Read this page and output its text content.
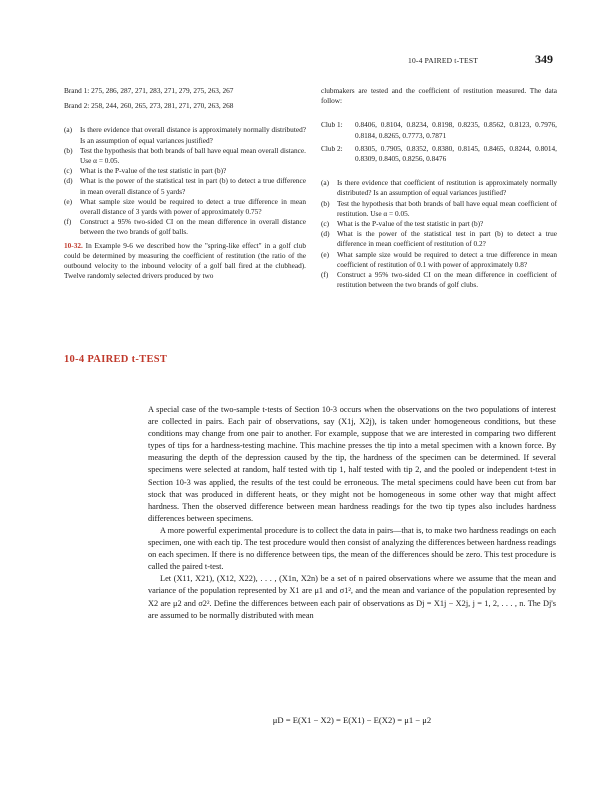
10-4 PAIRED t-TEST	349
Brand 1: 275, 286, 287, 271, 283, 271, 279, 275, 263, 267
Brand 2: 258, 244, 260, 265, 273, 281, 271, 270, 263, 268
(a)	Is there evidence that overall distance is approximately normally distributed? Is an assumption of equal variances justified?
(b)	Test the hypothesis that both brands of ball have equal mean overall distance. Use α = 0.05.
(c)	What is the P-value of the test statistic in part (b)?
(d)	What is the power of the statistical test in part (b) to detect a true difference in mean overall distance of 5 yards?
(e)	What sample size would be required to detect a true difference in mean overall distance of 3 yards with power of approximately 0.75?
(f)	Construct a 95% two-sided CI on the mean difference in overall distance between the two brands of golf balls.
10-32. In Example 9-6 we described how the "spring-like effect" in a golf club could be determined by measuring the coefficient of restitution (the ratio of the outbound velocity to the inbound velocity of a golf ball fired at the clubhead). Twelve randomly selected drivers produced by two
clubmakers are tested and the coefficient of restitution measured. The data follow:
Club 1:	0.8406, 0.8104, 0.8234, 0.8198, 0.8235, 0.8562, 0.8123, 0.7976, 0.8184, 0.8265, 0.7773, 0.7871
Club 2:	0.8305, 0.7905, 0.8352, 0.8380, 0.8145, 0.8465, 0.8244, 0.8014, 0.8309, 0.8405, 0.8256, 0.8476
(a)	Is there evidence that coefficient of restitution is approximately normally distributed? Is an assumption of equal variances justified?
(b)	Test the hypothesis that both brands of ball have equal mean coefficient of restitution. Use α = 0.05.
(c)	What is the P-value of the test statistic in part (b)?
(d)	What is the power of the statistical test in part (b) to detect a true difference in mean coefficient of restitution of 0.2?
(e)	What sample size would be required to detect a true difference in mean coefficient of restitution of 0.1 with power of approximately 0.8?
(f)	Construct a 95% two-sided CI on the mean difference in coefficient of restitution between the two brands of golf clubs.
10-4 PAIRED t-TEST

A special case of the two-sample t-tests of Section 10-3 occurs when the observations on the two populations of interest are collected in pairs. Each pair of observations, say (X1j, X2j), is taken under homogeneous conditions, but these conditions may change from one pair to another. For example, suppose that we are interested in comparing two different types of tips for a hardness-testing machine. This machine presses the tip into a metal specimen with a known force. By measuring the depth of the depression caused by the tip, the hardness of the specimen can be determined. If several specimens were selected at random, half tested with tip 1, half tested with tip 2, and the pooled or independent t-test in Section 10-3 was applied, the results of the test could be erroneous. The metal specimens could have been cut from bar stock that was produced in different heats, or they might not be homogeneous in some other way that might affect hardness. Then the observed difference between mean hardness readings for the two tip types also includes hardness differences between specimens.

A more powerful experimental procedure is to collect the data in pairs—that is, to make two hardness readings on each specimen, one with each tip. The test procedure would then consist of analyzing the differences between hardness readings on each specimen. If there is no difference between tips, the mean of the differences should be zero. This test procedure is called the paired t-test.

Let (X11, X21), (X12, X22), . . . , (X1n, X2n) be a set of n paired observations where we assume that the mean and variance of the population represented by X1 are μ1 and σ1², and the mean and variance of the population represented by X2 are μ2 and σ2². Define the differences between each pair of observations as Dj = X1j − X2j, j = 1, 2, . . . , n. The Dj's are assumed to be normally distributed with mean

μD = E(X1 − X2) = E(X1) − E(X2) = μ1 − μ2
